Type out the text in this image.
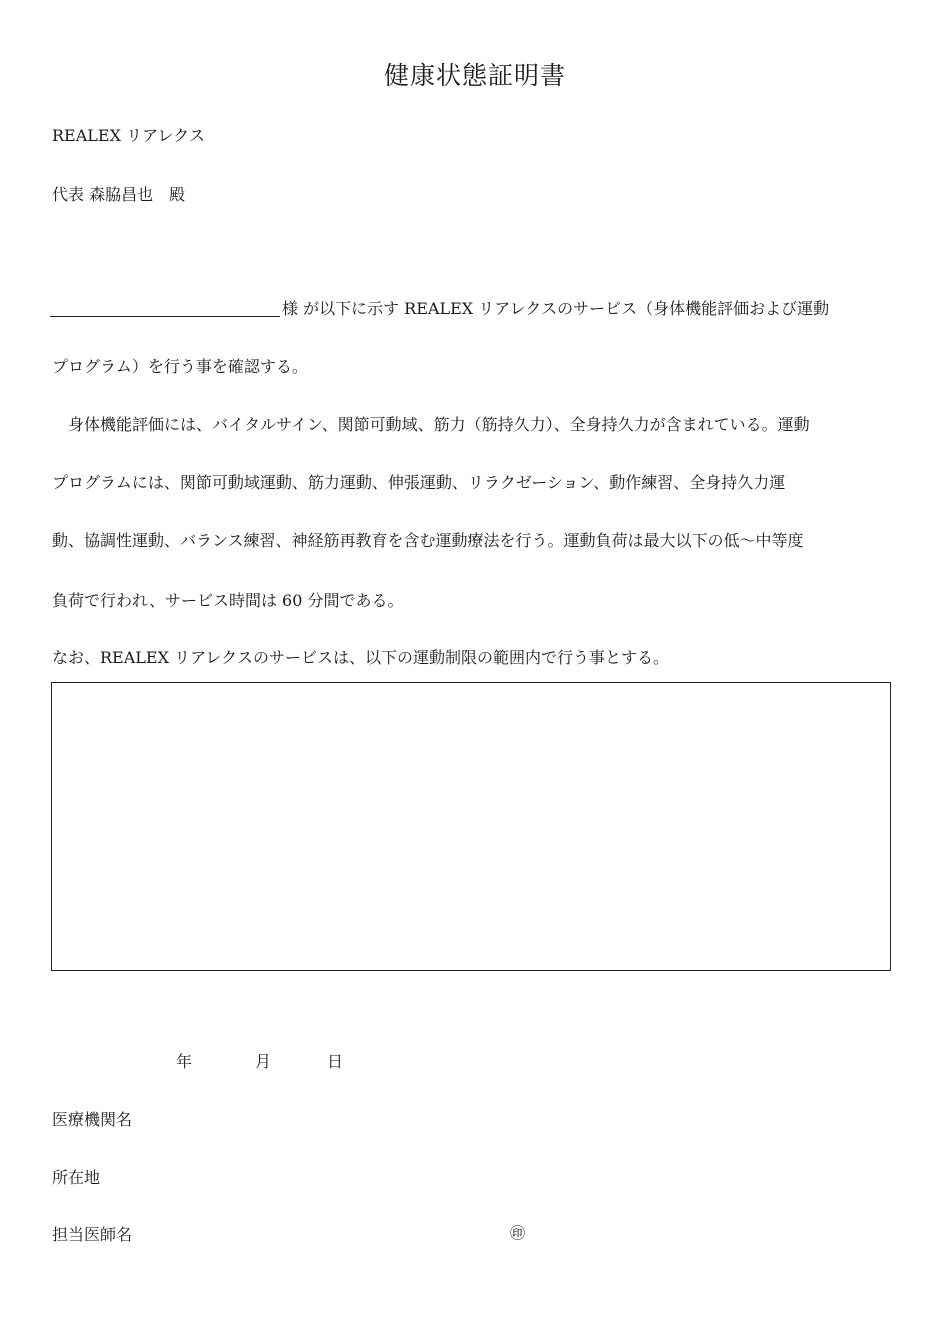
健康状態証明書
REALEX リアレクス
代表 森脇昌也　殿
様 が以下に示す REALEX リアレクスのサービス（身体機能評価および運動
プログラム）を行う事を確認する。
　身体機能評価には、バイタルサイン、関節可動域、筋力（筋持久力）、全身持久力が含まれている。運動
プログラムには、関節可動域運動、筋力運動、伸張運動、リラクゼーション、動作練習、全身持久力運
動、協調性運動、バランス練習、神経筋再教育を含む運動療法を行う。運動負荷は最大以下の低～中等度
負荷で行われ、サービス時間は 60 分間である。
なお、REALEX リアレクスのサービスは、以下の運動制限の範囲内で行う事とする。
年	月	日
医療機関名
所在地
担当医師名	㊞
